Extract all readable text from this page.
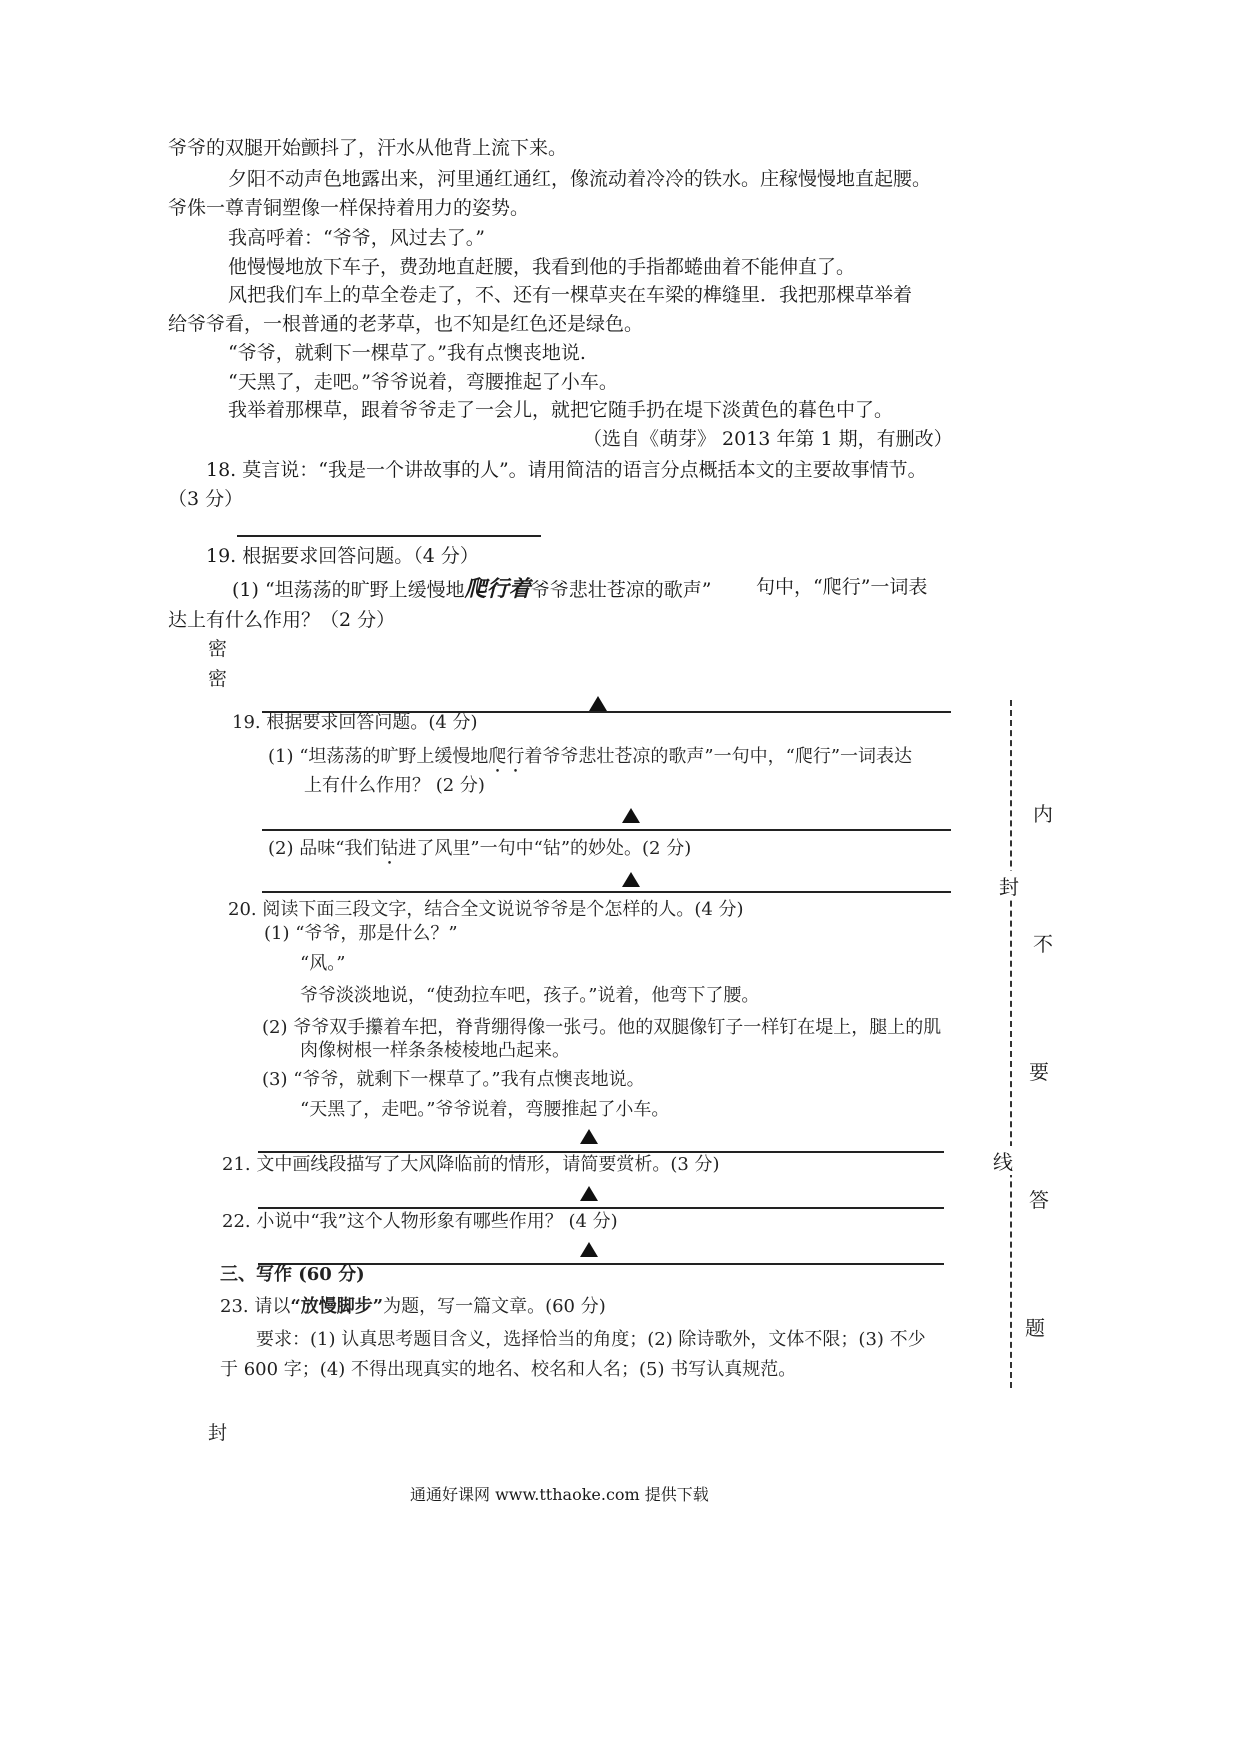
爷爷的双腿开始颤抖了，汗水从他背上流下来。
夕阳不动声色地露出来，河里通红通红，像流动着冷冷的铁水。庄稼慢慢地直起腰。
爷侏一尊青铜塑像一样保持着用力的姿势。
我高呼着：“爷爷，风过去了。”
他慢慢地放下车子，费劲地直赶腰，我看到他的手指都蜷曲着不能伸直了。
风把我们车上的草全卷走了，不、还有一棵草夹在车梁的榫缝里．我把那棵草举着
给爷爷看，一根普通的老茅草，也不知是红色还是绿色。
“爷爷，就剩下一棵草了。”我有点懊丧地说.
“天黑了，走吧。”爷爷说着，弯腰推起了小车。
我举着那棵草，跟着爷爷走了一会儿，就把它随手扔在堤下淡黄色的暮色中了。
（选自《萌芽》 2013 年第 1 期，有删改）
18. 莫言说：“我是一个讲故事的人”。请用简洁的语言分点概括本文的主要故事情节。
（3 分）
19. 根据要求回答问题。（4 分）
(1) “坦荡荡的旷野上缓慢地爬行着爷爷悲壮苍凉的歌声” 句中，“爬行”一词表
达上有什么作用？（2 分）
密
密
19. 根据要求回答问题。(4 分)
(1) “坦荡荡的旷野上缓慢地爬行着爷爷悲壮苍凉的歌声”一句中，“爬行”一词表达
上有什么作用？ (2 分)
(2) 品味“我们钻进了风里”一句中“钻”的妙处。(2 分)
20. 阅读下面三段文字，结合全文说说爷爷是个怎样的人。(4 分)
(1) “爷爷，那是什么？”
“风。”
爷爷淡淡地说，“使劲拉车吧，孩子。”说着，他弯下了腰。
(2) 爷爷双手攥着车把，脊背绷得像一张弓。他的双腿像钉子一样钉在堤上，腿上的肌
肉像树根一样条条棱棱地凸起来。
(3) “爷爷，就剩下一棵草了。”我有点懊丧地说。
“天黑了，走吧。”爷爷说着，弯腰推起了小车。
21. 文中画线段描写了大风降临前的情形，请简要赏析。(3 分)
22. 小说中“我”这个人物形象有哪些作用？ (4 分)
三、写作 (60 分)
23. 请以“放慢脚步”为题，写一篇文章。(60 分)
要求：(1) 认真思考题目含义，选择恰当的角度；(2) 除诗歌外，文体不限；(3) 不少
于 600 字；(4) 不得出现真实的地名、校名和人名；(5) 书写认真规范。
内
封
不
要
线
答
题
封
通通好课网 www.tthaoke.com 提供下载
